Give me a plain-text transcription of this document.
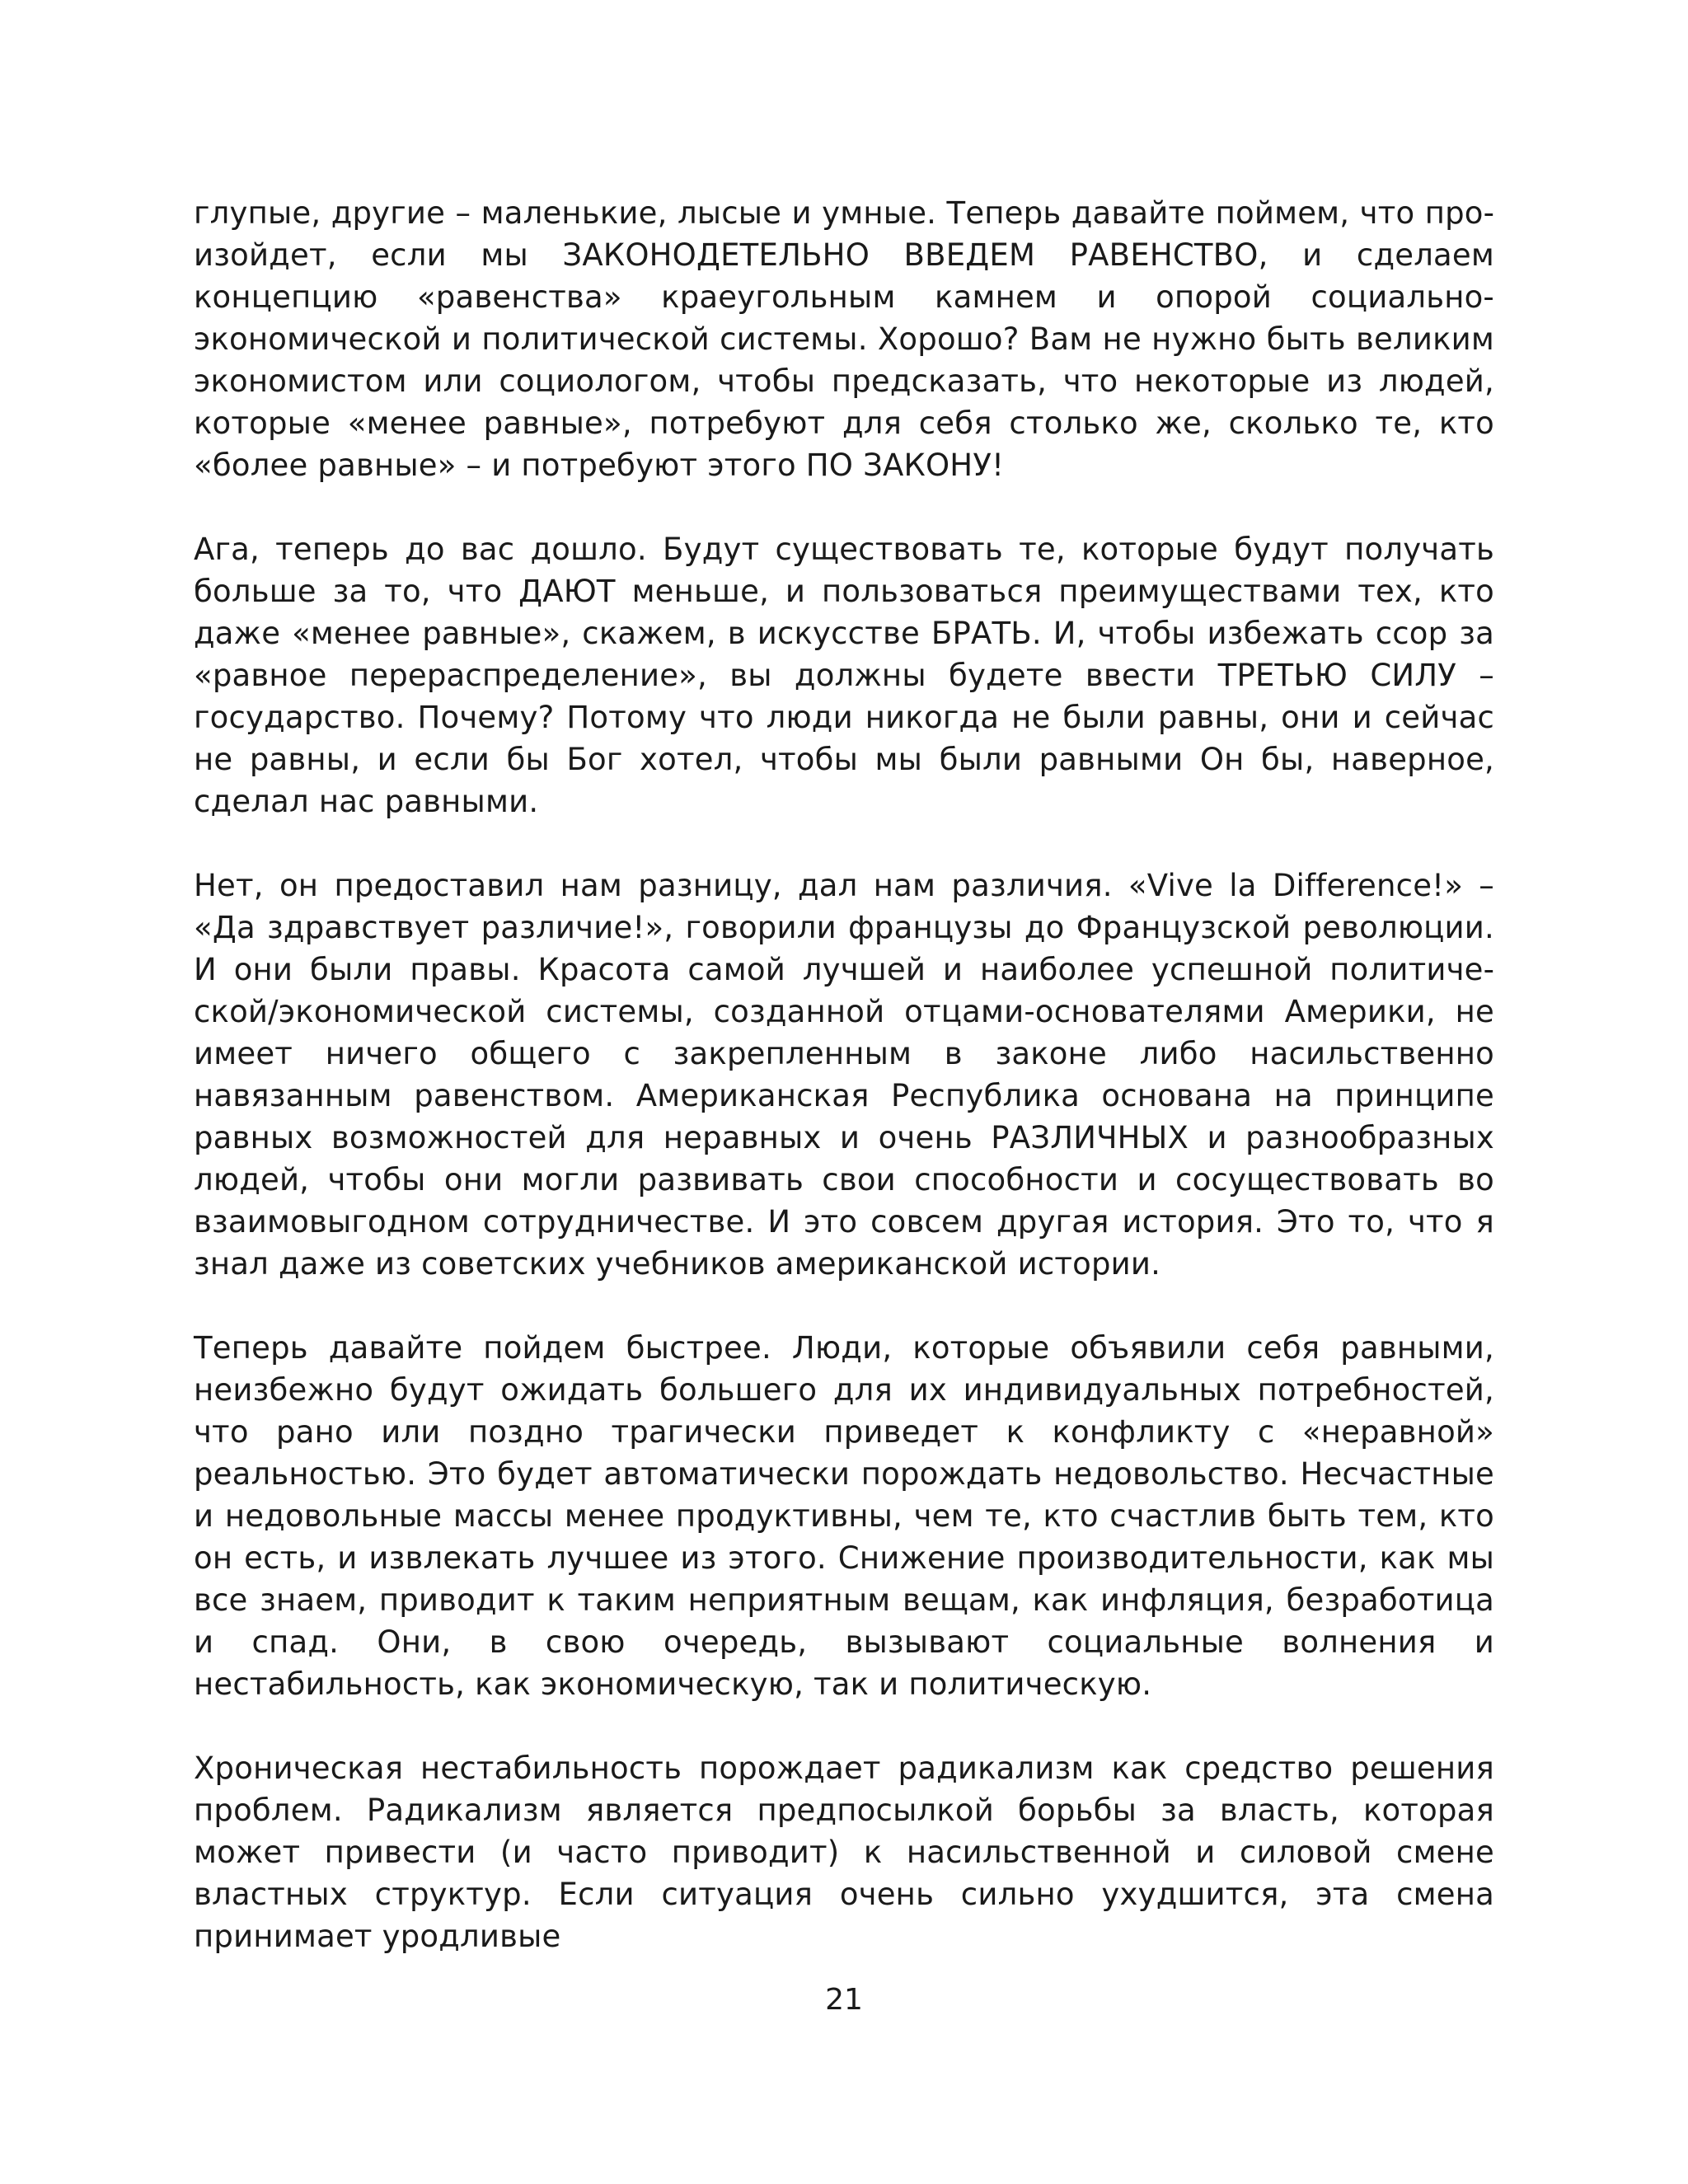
глупые, другие – маленькие, лысые и умные. Теперь давайте поймем, что произойдет, если мы ЗАКОНОДЕТЕЛЬНО ВВЕДЕМ РАВЕНСТВО, и сделаем концепцию «равенства» краеугольным камнем и опорой социально-экономической и политической системы. Хорошо? Вам не нужно быть великим экономистом или социологом, чтобы предсказать, что некоторые из людей, которые «менее равные», потребуют для себя столько же, сколько те, кто «более равные» – и потребуют этого ПО ЗАКОНУ!

Ага, теперь до вас дошло. Будут существовать те, которые будут получать больше за то, что ДАЮТ меньше, и пользоваться преимуществами тех, кто даже «менее равные», скажем, в искусстве БРАТЬ. И, чтобы избежать ссор за «равное перераспределение», вы должны будете ввести ТРЕТЬЮ СИЛУ – государство. Почему? Потому что люди никогда не были равны, они и сейчас не равны, и если бы Бог хотел, чтобы мы были равными Он бы, наверное, сделал нас равными.

Нет, он предоставил нам разницу, дал нам различия. «Vive la Difference!» – «Да здравствует различие!», говорили французы до Французской революции. И они были правы. Красота самой лучшей и наиболее успешной политической/экономической системы, созданной отцами-основателями Америки, не имеет ничего общего с закрепленным в законе либо насильственно навязанным равенством. Американская Республика основана на принципе равных возможностей для неравных и очень РАЗЛИЧНЫХ и разнообразных людей, чтобы они могли развивать свои способности и сосуществовать во взаимовыгодном сотрудничестве. И это совсем другая история. Это то, что я знал даже из советских учебников американской истории.

Теперь давайте пойдем быстрее. Люди, которые объявили себя равными, неизбежно будут ожидать большего для их индивидуальных потребностей, что рано или поздно трагически приведет к конфликту с «неравной» реальностью. Это будет автоматически порождать недовольство. Несчастные и недовольные массы менее продуктивны, чем те, кто счастлив быть тем, кто он есть, и извлекать лучшее из этого. Снижение производительности, как мы все знаем, приводит к таким неприятным вещам, как инфляция, безработица и спад. Они, в свою очередь, вызывают социальные волнения и нестабильность, как экономическую, так и политическую.

Хроническая нестабильность порождает радикализм как средство решения проблем. Радикализм является предпосылкой борьбы за власть, которая может привести (и часто приводит) к насильственной и силовой смене властных структур. Если ситуация очень сильно ухудшится, эта смена принимает уродливые

21
